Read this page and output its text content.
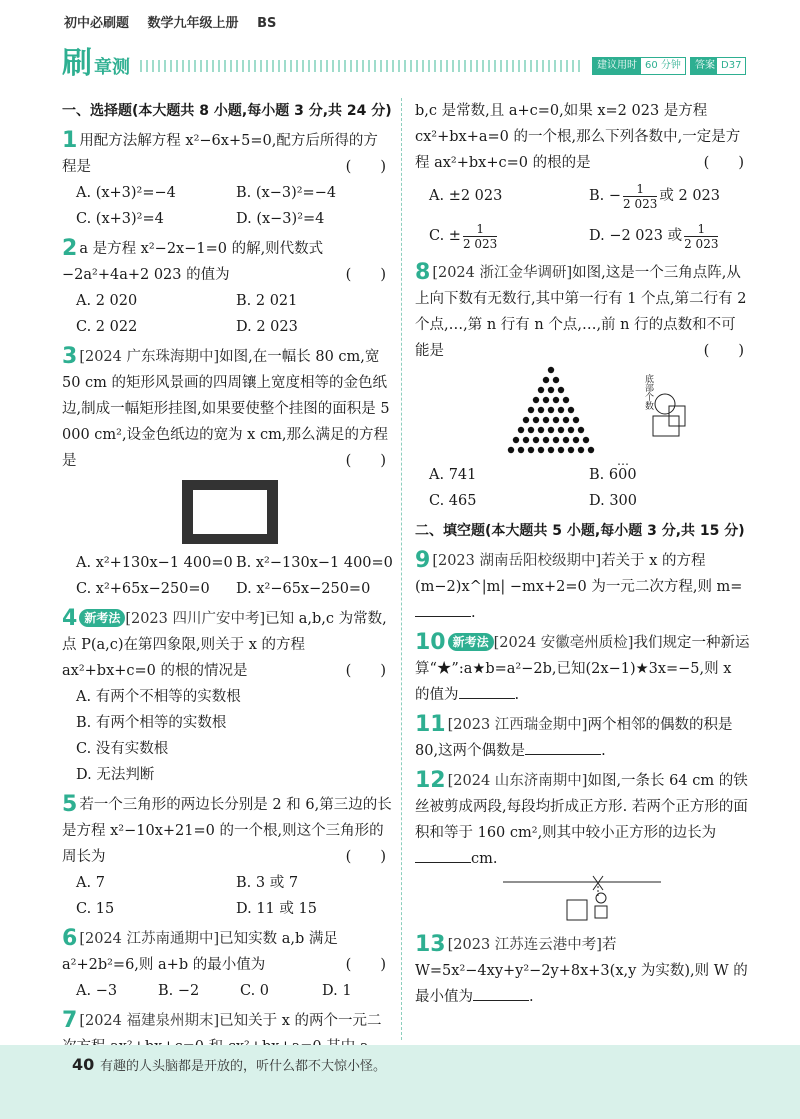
初中必刷题 数学九年级上册 BS
刷章测	建议用时 60 分钟	答案 D37
一、选择题(本大题共 8 小题,每小题 3 分,共 24 分)
1 用配方法解方程 x²−6x+5=0,配方后所得的方程是	(　　)
A. (x+3)²=−4	B. (x−3)²=−4
C. (x+3)²=4	D. (x−3)²=4
2 a 是方程 x²−2x−1=0 的解,则代数式−2a²+4a+2 023 的值为	(　　)
A. 2 020	B. 2 021
C. 2 022	D. 2 023
3 [2024 广东珠海期中]如图,在一幅长 80 cm,宽 50 cm 的矩形风景画的四周镶上宽度相等的金色纸边,制成一幅矩形挂图,如果要使整个挂图的面积是 5 000 cm²,设金色纸边的宽为 x cm,那么满足的方程是	(　　)
A. x²+130x−1 400=0 B. x²−130x−1 400=0
C. x²+65x−250=0	D. x²−65x−250=0
4 新考法 [2023 四川广安中考]已知 a,b,c 为常数,点 P(a,c)在第四象限,则关于 x 的方程 ax²+bx+c=0 的根的情况是	(　　)
A. 有两个不相等的实数根
B. 有两个相等的实数根
C. 没有实数根
D. 无法判断
5 若一个三角形的两边长分别是 2 和 6,第三边的长是方程 x²−10x+21=0 的一个根,则这个三角形的周长为	(　　)
A. 7	B. 3 或 7
C. 15	D. 11 或 15
6 [2024 江苏南通期中]已知实数 a,b 满足 a²+2b²=6,则 a+b 的最小值为	(　　)
A. −3	B. −2	C. 0	D. 1
7 [2024 福建泉州期末]已知关于 x 的两个一元二
b,c 是常数,且 a+c=0,如果 x=2 023 是方程 cx²+bx+a=0 的一个根,那么下列各数中,一定是方程 ax²+bx+c=0 的根的是	(　　)
A. ±2 023	B. − $\frac{1}{2 023}$ 或 2 023
C. ± $\frac{1}{2 023}$	D. −2 023 或 $\frac{1}{2 023}$
8 [2024 浙江金华调研]如图,这是一个三角点阵,从上向下数有无数行,其中第一行有 1 个点,第二行有 2 个点,…,第 n 行有 n 个点,…,前 n 行的点数和不可能是	(　　)
…
底部个数
A. 741	B. 600
C. 465	D. 300
二、填空题(本大题共 5 小题,每小题 3 分,共 15 分)
9 [2023 湖南岳阳校级期中]若关于 x 的方程 (m−2)x^|m| −mx+2=0 为一元二次方程,则 m=.
10 新考法 [2024 安徽亳州质检]我们规定一种新运算“★”:a★b=a²−2b,已知(2x−1)★3x=−5,则 x 的值为	.
11 [2023 江西瑞金期中]两个相邻的偶数的积是 80,这两个偶数是	.
12 [2024 山东济南期中]如图,一条长 64 cm 的铁丝被剪成两段,每段均折成正方形. 若两个正方形的面积和等于 160 cm²,则其中较小正方形的边长为cm.
13 [2023 江苏连云港中考]若 W=5x²−4xy+y²−2y+8x+3(x,y 为实数),则 W 的最小值为	.
40 有趣的人头脑都是开放的，听什么都不大惊小怪。
